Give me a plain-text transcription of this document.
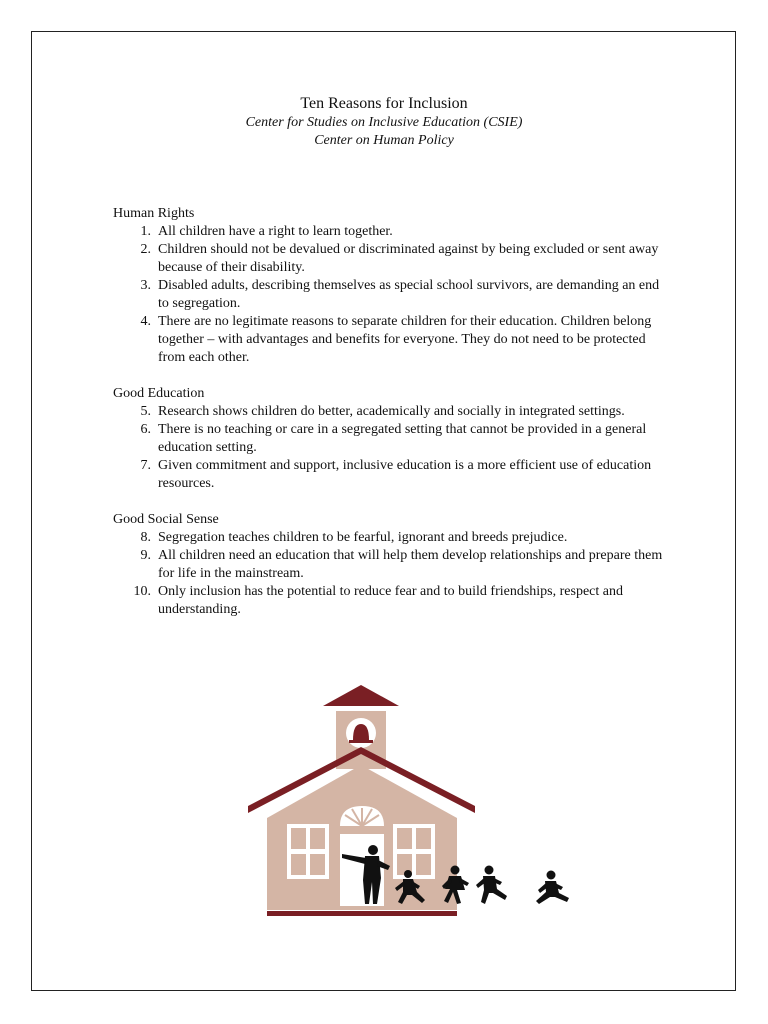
Ten Reasons for Inclusion
Center for Studies on Inclusive Education (CSIE)
Center on Human Policy
Human Rights
1. All children have a right to learn together.
2. Children should not be devalued or discriminated against by being excluded or sent away because of their disability.
3. Disabled adults, describing themselves as special school survivors, are demanding an end to segregation.
4. There are no legitimate reasons to separate children for their education. Children belong together – with advantages and benefits for everyone. They do not need to be protected from each other.
Good Education
5. Research shows children do better, academically and socially in integrated settings.
6. There is no teaching or care in a segregated setting that cannot be provided in a general education setting.
7. Given commitment and support, inclusive education is a more efficient use of education resources.
Good Social Sense
8. Segregation teaches children to be fearful, ignorant and breeds prejudice.
9. All children need an education that will help them develop relationships and prepare them for life in the mainstream.
10. Only inclusion has the potential to reduce fear and to build friendships, respect and understanding.
